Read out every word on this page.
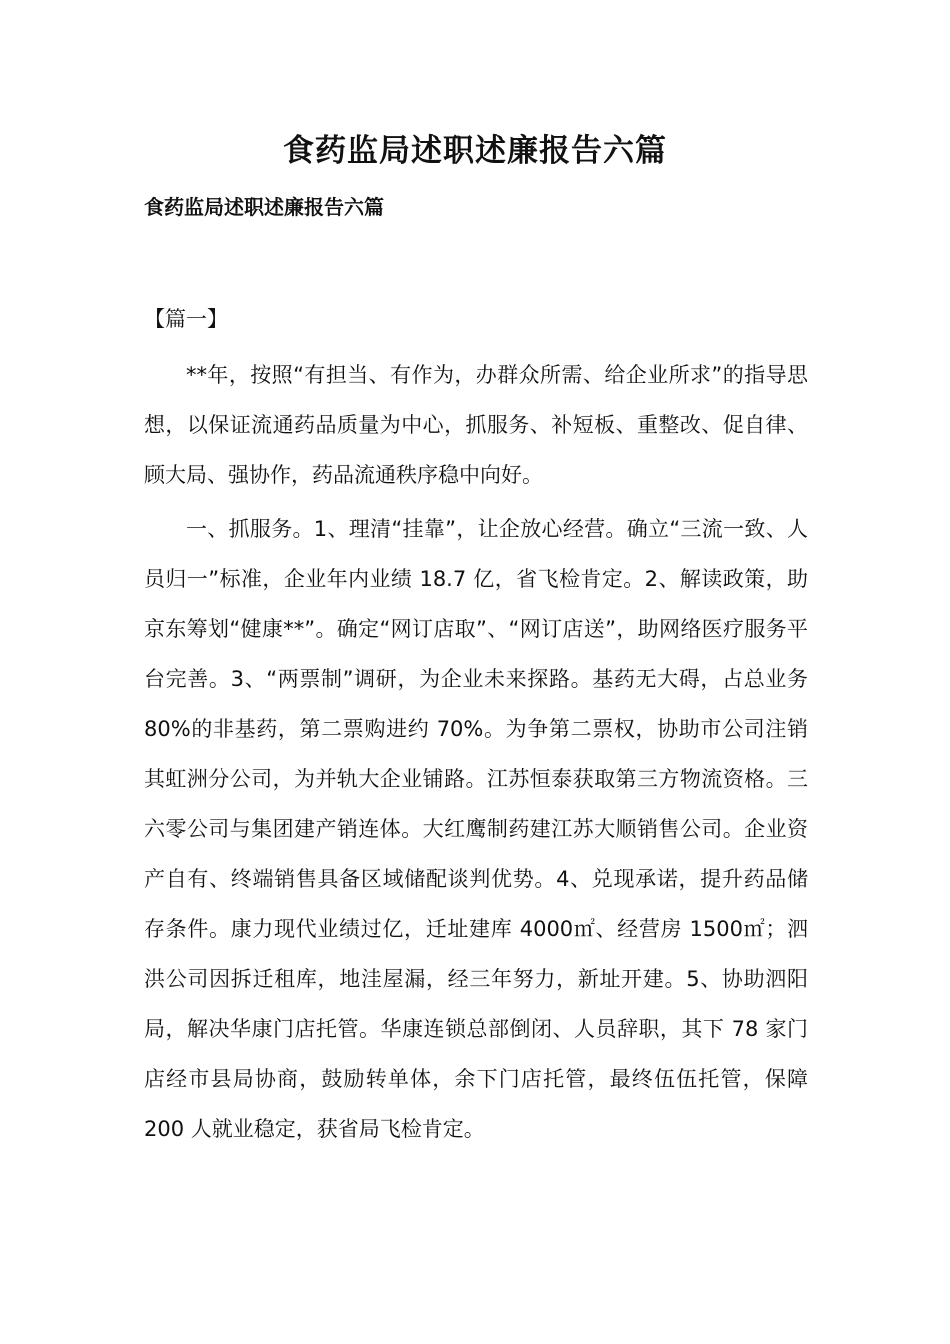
食药监局述职述廉报告六篇
食药监局述职述廉报告六篇
【篇一】

**年，按照“有担当、有作为，办群众所需、给企业所求”的指导思想，以保证流通药品质量为中心，抓服务、补短板、重整改、促自律、顾大局、强协作，药品流通秩序稳中向好。

一、抓服务。1、理清“挂靠”，让企放心经营。确立“三流一致、人员归一”标准，企业年内业绩 18.7 亿，省飞检肯定。2、解读政策，助京东筹划“健康**”。确定“网订店取”、“网订店送”，助网络医疗服务平台完善。3、“两票制”调研，为企业未来探路。基药无大碍，占总业务 80%的非基药，第二票购进约 70%。为争第二票权，协助市公司注销其虹洲分公司，为并轨大企业铺路。江苏恒泰获取第三方物流资格。三六零公司与集团建产销连体。大红鹰制药建江苏大顺销售公司。企业资产自有、终端销售具备区域储配谈判优势。4、兑现承诺，提升药品储存条件。康力现代业绩过亿，迁址建库 4000㎡、经营房 1500㎡；泗洪公司因拆迁租库，地洼屋漏，经三年努力，新址开建。5、协助泗阳局，解决华康门店托管。华康连锁总部倒闭、人员辞职，其下 78 家门店经市县局协商，鼓励转单体，余下门店托管，最终伍伍托管，保障 200 人就业稳定，获省局飞检肯定。
